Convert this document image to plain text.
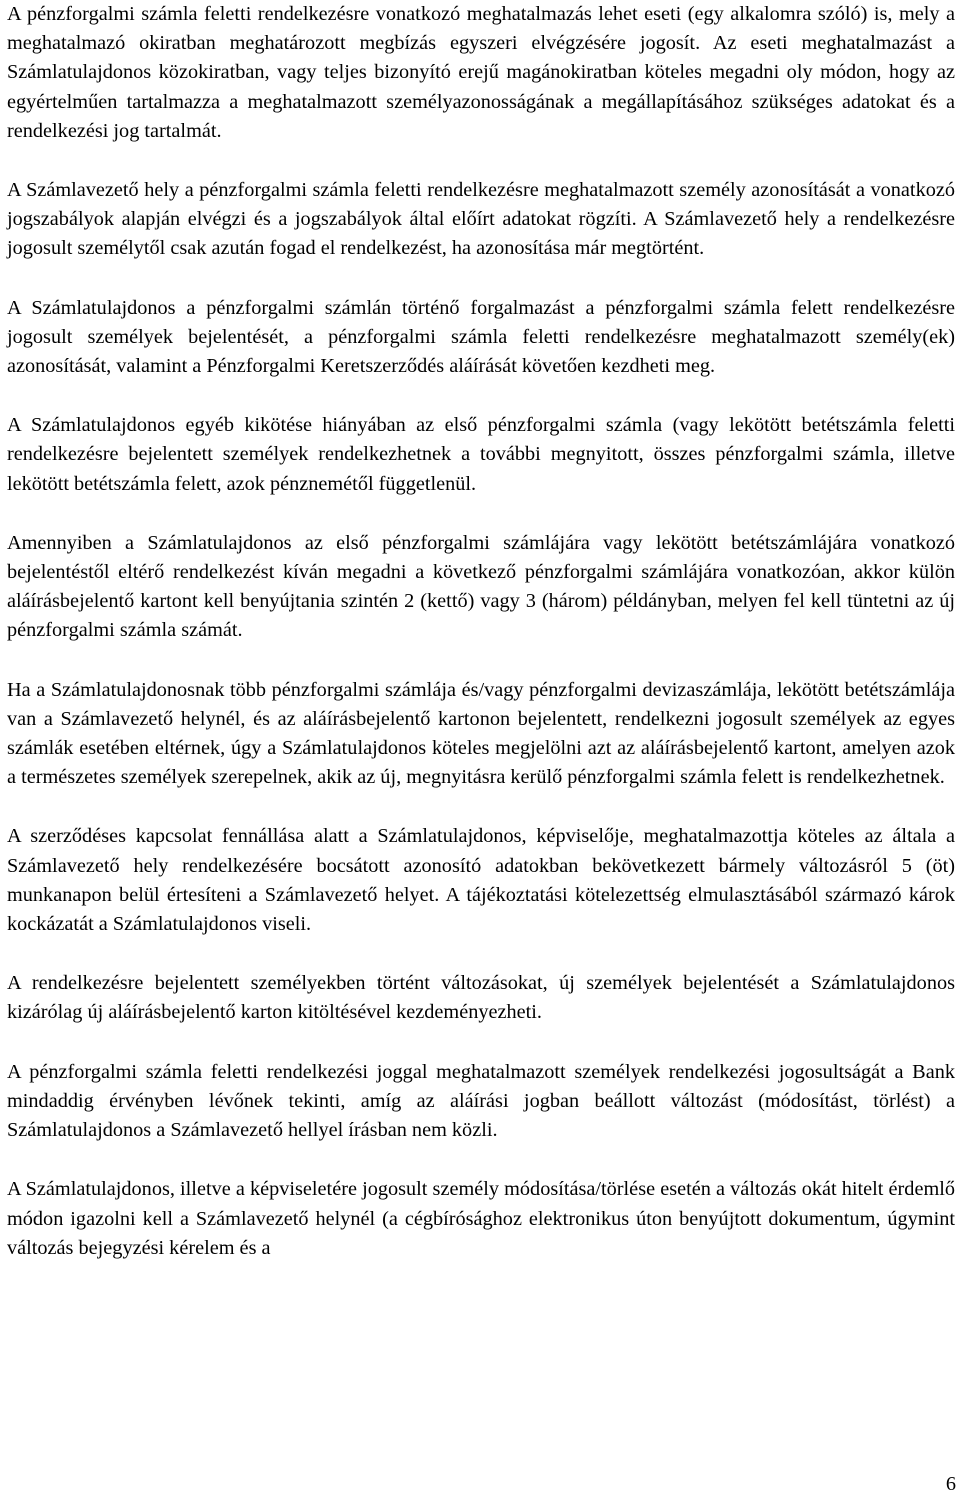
A pénzforgalmi számla feletti rendelkezésre vonatkozó meghatalmazás lehet eseti (egy alkalomra szóló) is, mely a meghatalmazó okiratban meghatározott megbízás egyszeri elvégzésére jogosít. Az eseti meghatalmazást a Számlatulajdonos közokiratban, vagy teljes bizonyító erejű magánokiratban köteles megadni oly módon, hogy az egyértelműen tartalmazza a meghatalmazott személyazonosságának a megállapításához szükséges adatokat és a rendelkezési jog tartalmát.

A Számlavezető hely a pénzforgalmi számla feletti rendelkezésre meghatalmazott személy azonosítását a vonatkozó jogszabályok alapján elvégzi és a jogszabályok által előírt adatokat rögzíti. A Számlavezető hely a rendelkezésre jogosult személytől csak azután fogad el rendelkezést, ha azonosítása már megtörtént.

A Számlatulajdonos a pénzforgalmi számlán történő forgalmazást a pénzforgalmi számla felett rendelkezésre jogosult személyek bejelentését, a pénzforgalmi számla feletti rendelkezésre meghatalmazott személy(ek) azonosítását, valamint a Pénzforgalmi Keretszerződés aláírását követően kezdheti meg.

A Számlatulajdonos egyéb kikötése hiányában az első pénzforgalmi számla (vagy lekötött betétszámla feletti rendelkezésre bejelentett személyek rendelkezhetnek a további megnyitott, összes pénzforgalmi számla, illetve lekötött betétszámla felett, azok pénznemétől függetlenül.

Amennyiben a Számlatulajdonos az első pénzforgalmi számlájára vagy lekötött betétszámlájára vonatkozó bejelentéstől eltérő rendelkezést kíván megadni a következő pénzforgalmi számlájára vonatkozóan, akkor külön aláírásbejelentő kartont kell benyújtania szintén 2 (kettő) vagy 3 (három) példányban, melyen fel kell tüntetni az új pénzforgalmi számla számát.

Ha a Számlatulajdonosnak több pénzforgalmi számlája és/vagy pénzforgalmi devizaszámlája, lekötött betétszámlája van a Számlavezető helynél, és az aláírásbejelentő kartonon bejelentett, rendelkezni jogosult személyek az egyes számlák esetében eltérnek, úgy a Számlatulajdonos köteles megjelölni azt az aláírásbejelentő kartont, amelyen azok a természetes személyek szerepelnek, akik az új, megnyitásra kerülő pénzforgalmi számla felett is rendelkezhetnek.

A szerződéses kapcsolat fennállása alatt a Számlatulajdonos, képviselője, meghatalmazottja köteles az általa a Számlavezető hely rendelkezésére bocsátott azonosító adatokban bekövetkezett bármely változásról 5 (öt) munkanapon belül értesíteni a Számlavezető helyet. A tájékoztatási kötelezettség elmulasztásából származó károk kockázatát a Számlatulajdonos viseli.

A rendelkezésre bejelentett személyekben történt változásokat, új személyek bejelentését a Számlatulajdonos kizárólag új aláírásbejelentő karton kitöltésével kezdeményezheti.

A pénzforgalmi számla feletti rendelkezési joggal meghatalmazott személyek rendelkezési jogosultságát a Bank mindaddig érvényben lévőnek tekinti, amíg az aláírási jogban beállott változást (módosítást, törlést) a Számlatulajdonos a Számlavezető hellyel írásban nem közli.

A Számlatulajdonos, illetve a képviseletére jogosult személy módosítása/törlése esetén a változás okát hitelt érdemlő módon igazolni kell a Számlavezető helynél (a cégbírósághoz elektronikus úton benyújtott dokumentum, úgymint változás bejegyzési kérelem és a

6
